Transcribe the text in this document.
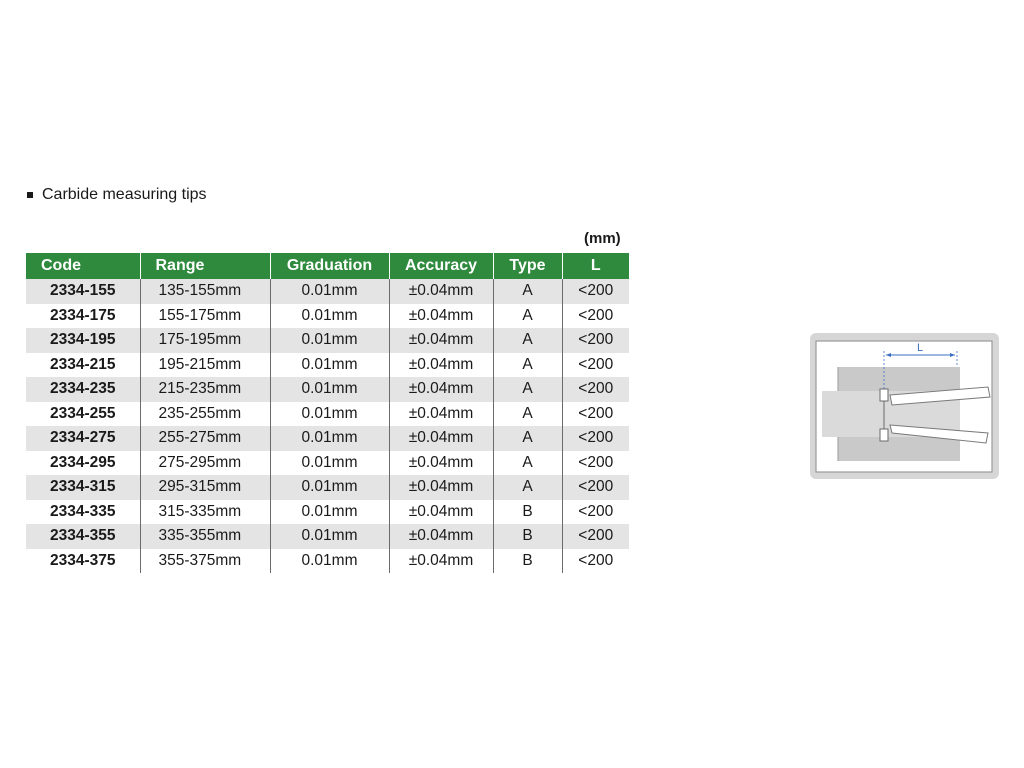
Carbide measuring tips
(mm)
Code	Range	Graduation	Accuracy	Type	L
2334-155	135-155mm	0.01mm	±0.04mm	A	<200
2334-175	155-175mm	0.01mm	±0.04mm	A	<200
2334-195	175-195mm	0.01mm	±0.04mm	A	<200
2334-215	195-215mm	0.01mm	±0.04mm	A	<200
2334-235	215-235mm	0.01mm	±0.04mm	A	<200
2334-255	235-255mm	0.01mm	±0.04mm	A	<200
2334-275	255-275mm	0.01mm	±0.04mm	A	<200
2334-295	275-295mm	0.01mm	±0.04mm	A	<200
2334-315	295-315mm	0.01mm	±0.04mm	A	<200
2334-335	315-335mm	0.01mm	±0.04mm	B	<200
2334-355	335-355mm	0.01mm	±0.04mm	B	<200
2334-375	355-375mm	0.01mm	±0.04mm	B	<200
L
